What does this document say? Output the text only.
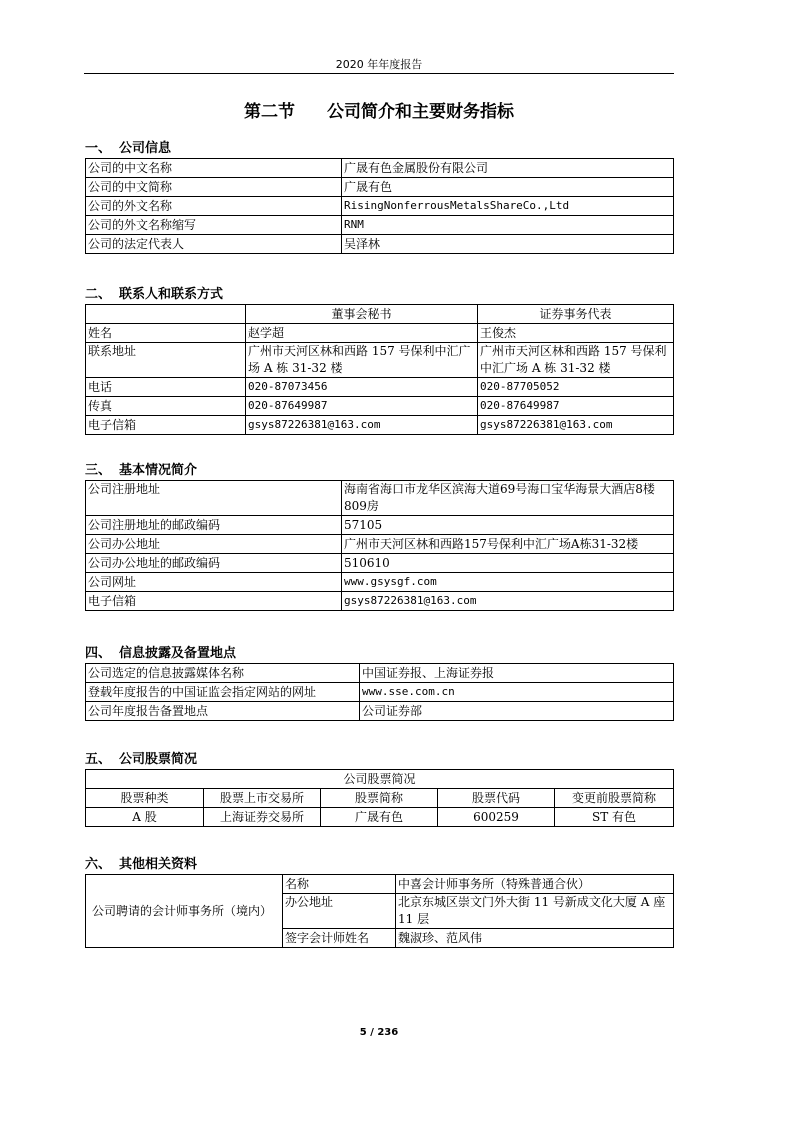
2020 年年度报告
第二节 公司简介和主要财务指标
一、 公司信息
公司的中文名称	广晟有色金属股份有限公司
公司的中文简称	广晟有色
公司的外文名称	RisingNonferrousMetalsShareCo.,Ltd
公司的外文名称缩写	RNM
公司的法定代表人	吴泽林
二、 联系人和联系方式
	董事会秘书	证券事务代表
姓名	赵学超	王俊杰
联系地址	广州市天河区林和西路 157 号保利中汇广场 A 栋 31-32 楼	广州市天河区林和西路 157 号保利中汇广场 A 栋 31-32 楼
电话	020-87073456	020-87705052
传真	020-87649987	020-87649987
电子信箱	gsys87226381@163.com	gsys87226381@163.com
三、 基本情况简介
公司注册地址	海南省海口市龙华区滨海大道69号海口宝华海景大酒店8楼809房
公司注册地址的邮政编码	57105
公司办公地址	广州市天河区林和西路157号保利中汇广场A栋31-32楼
公司办公地址的邮政编码	510610
公司网址	www.gsysgf.com
电子信箱	gsys87226381@163.com
四、 信息披露及备置地点
公司选定的信息披露媒体名称	中国证券报、上海证券报
登载年度报告的中国证监会指定网站的网址	www.sse.com.cn
公司年度报告备置地点	公司证券部
五、 公司股票简况
公司股票简况				
股票种类	股票上市交易所	股票简称	股票代码	变更前股票简称
A 股	上海证券交易所	广晟有色	600259	ST 有色
六、 其他相关资料
公司聘请的会计师事务所（境内）	名称	中喜会计师事务所（特殊普通合伙）
	办公地址	北京东城区崇文门外大街 11 号新成文化大厦 A 座 11 层
	签字会计师姓名	魏淑珍、范风伟
5 / 236
